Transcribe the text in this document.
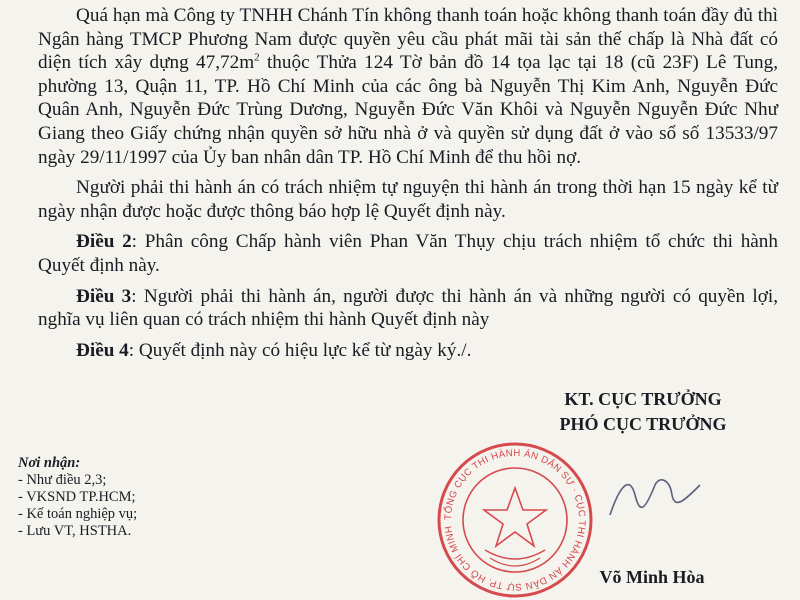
Quá hạn mà Công ty TNHH Chánh Tín không thanh toán hoặc không thanh toán đầy đủ thì Ngân hàng TMCP Phương Nam được quyền yêu cầu phát mãi tài sản thế chấp là Nhà đất có diện tích xây dựng $47,72m^2$ thuộc Thửa 124 Tờ bản đồ 14 tọa lạc tại 18 (cũ 23F) Lê Tung, phường 13, Quận 11, TP. Hồ Chí Minh của các ông bà Nguyễn Thị Kim Anh, Nguyễn Đức Quân Anh, Nguyễn Đức Trùng Dương, Nguyễn Đức Văn Khôi và Nguyễn Nguyễn Đức Như Giang theo Giấy chứng nhận quyền sở hữu nhà ở và quyền sử dụng đất ở vào sổ số 13533/97 ngày 29/11/1997 của Ủy ban nhân dân TP. Hồ Chí Minh để thu hồi nợ.

Người phải thi hành án có trách nhiệm tự nguyện thi hành án trong thời hạn 15 ngày kể từ ngày nhận được hoặc được thông báo hợp lệ Quyết định này.

Điều 2: Phân công Chấp hành viên Phan Văn Thụy chịu trách nhiệm tổ chức thi hành Quyết định này.

Điều 3: Người phải thi hành án, người được thi hành án và những người có quyền lợi, nghĩa vụ liên quan có trách nhiệm thi hành Quyết định này

Điều 4: Quyết định này có hiệu lực kể từ ngày ký./.

KT. CỤC TRƯỞNG
PHÓ CỤC TRƯỞNG
Nơi nhận:
- Như điều 2,3;
- VKSND TP.HCM;
- Kế toán nghiệp vụ;
- Lưu VT, HSTHA.
TỔNG CỤC THI HÀNH ÁN DÂN SỰ · CỤC THI HÀNH ÁN DÂN SỰ TP. HỒ CHÍ MINH
Võ Minh Hòa
